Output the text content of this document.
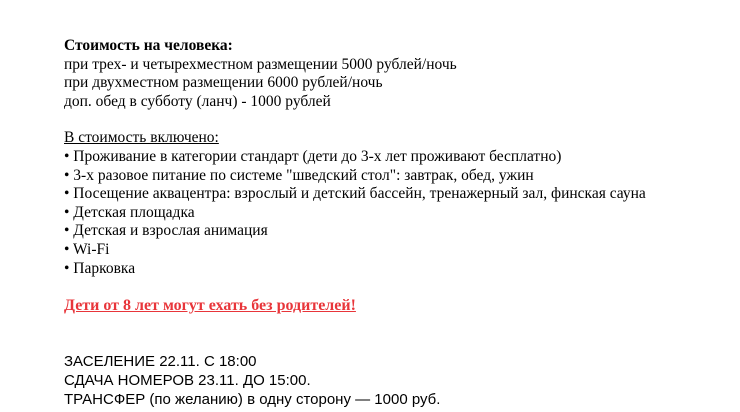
Стоимость на человека:
при трех- и четырехместном размещении 5000 рублей/ночь
при двухместном размещении 6000 рублей/ночь
доп. обед в субботу (ланч) - 1000 рублей
В стоимость включено:
• Проживание в категории стандарт (дети до 3-х лет проживают бесплатно)
• 3-х разовое питание по системе "шведский стол": завтрак, обед, ужин
• Посещение аквацентра: взрослый и детский бассейн, тренажерный зал, финская сауна
• Детская площадка
• Детская и взрослая анимация
• Wi-Fi
• Парковка
Дети от 8 лет могут ехать без родителей!
ЗАСЕЛЕНИЕ 22.11. С 18:00
СДАЧА НОМЕРОВ 23.11. ДО 15:00.
ТРАНСФЕР (по желанию) в одну сторону — 1000 руб.
